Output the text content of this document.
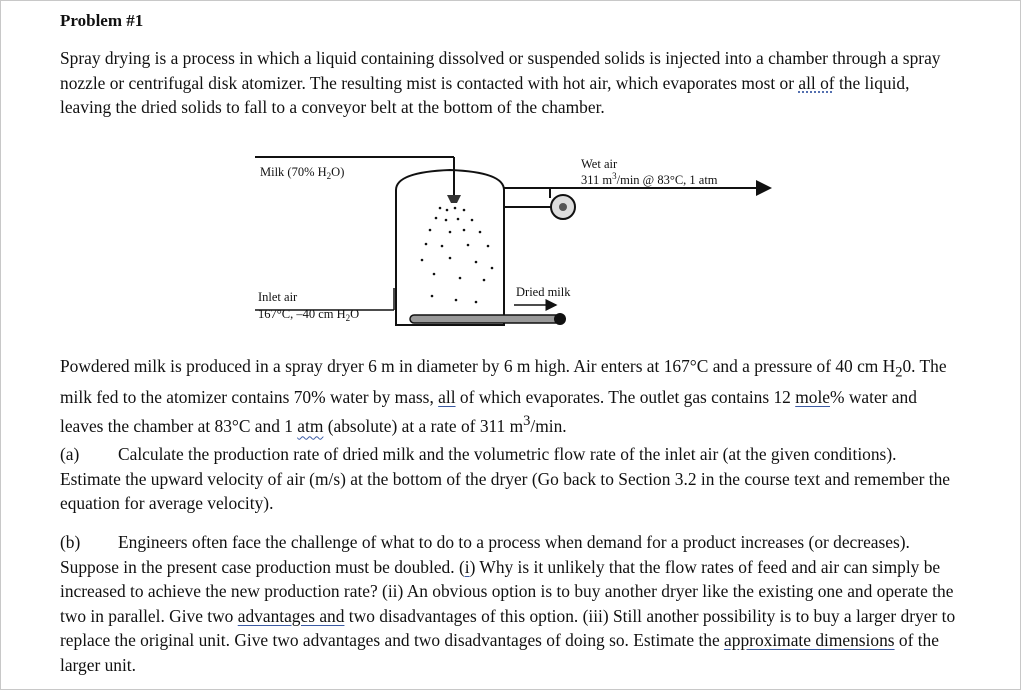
Problem #1
Spray drying is a process in which a liquid containing dissolved or suspended solids is injected into a chamber through a spray nozzle or centrifugal disk atomizer. The resulting mist is contacted with hot air, which evaporates most or all of the liquid, leaving the dried solids to fall to a conveyor belt at the bottom of the chamber.
Milk (70% $H_2O$)
Wet air
311 $m^3/\min$ @ 83°C, 1 atm
Inlet air
167°C, –40 cm $H_2O$
Dried milk
Powdered milk is produced in a spray dryer 6 m in diameter by 6 m high. Air enters at 167°C and a pressure of 40 cm $H_20$. The milk fed to the atomizer contains 70% water by mass, all of which evaporates. The outlet gas contains 12 mole% water and leaves the chamber at 83°C and 1 atm (absolute) at a rate of 311 $m^3/\min$.
(a) Calculate the production rate of dried milk and the volumetric flow rate of the inlet air (at the given conditions). Estimate the upward velocity of air (m/s) at the bottom of the dryer (Go back to Section 3.2 in the course text and remember the equation for average velocity).
(b) Engineers often face the challenge of what to do to a process when demand for a product increases (or decreases). Suppose in the present case production must be doubled. (i) Why is it unlikely that the flow rates of feed and air can simply be increased to achieve the new production rate? (ii) An obvious option is to buy another dryer like the existing one and operate the two in parallel. Give two advantages and two disadvantages of this option. (iii) Still another possibility is to buy a larger dryer to replace the original unit. Give two advantages and two disadvantages of doing so. Estimate the approximate dimensions of the larger unit.
